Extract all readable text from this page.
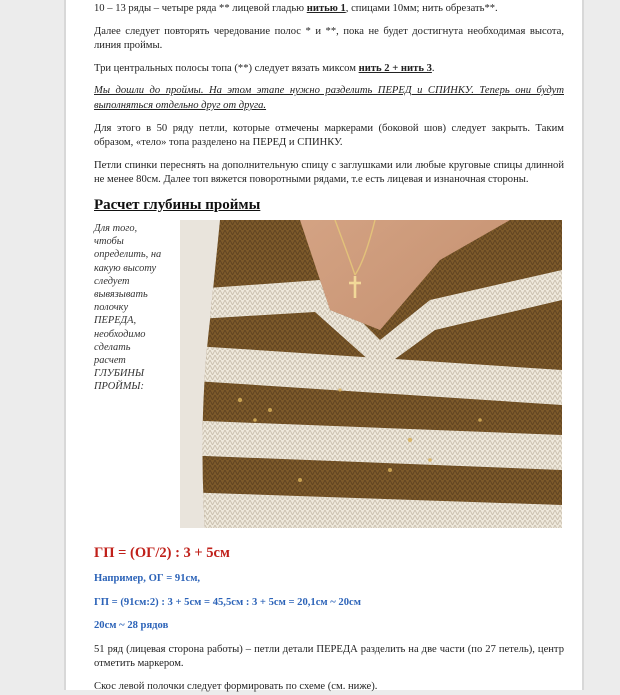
10 – 13 ряды – четыре ряда ** лицевой гладью нитью 1, спицами 10мм; нить обрезать**.

Далее следует повторять чередование полос * и **, пока не будет достигнута необходимая высота, линия проймы.

Три центральных полосы топа (**) следует вязать миксом нить 2 + нить 3.

Мы дошли до проймы. На этом этапе нужно разделить ПЕРЕД и СПИНКУ. Теперь они будут выполняться отдельно друг от друга.

Для этого в 50 ряду петли, которые отмечены маркерами (боковой шов) следует закрыть. Таким образом, «тело» топа разделено на ПЕРЕД и СПИНКУ.

Петли спинки переснять на дополнительную спицу с заглушками или любые круговые спицы длинной не менее 80см. Далее топ вяжется поворотными рядами, т.е есть лицевая и изнаночная стороны.

Расчет глубины проймы
Для того,
чтобы
определить, на
какую высоту
следует
вывязывать
полочку
ПЕРЕДА,
необходимо
сделать
расчет
ГЛУБИНЫ
ПРОЙМЫ:
ГП = (ОГ/2) : 3 + 5см

Например, ОГ = 91см,

ГП = (91см:2) : 3 + 5см = 45,5см : 3 + 5см = 20,1см ~ 20см

20см ~ 28 рядов

51 ряд (лицевая сторона работы) – петли детали ПЕРЕДА разделить на две части (по 27 петель), центр отметить маркером.

Скос левой полочки следует формировать по схеме (см. ниже).
